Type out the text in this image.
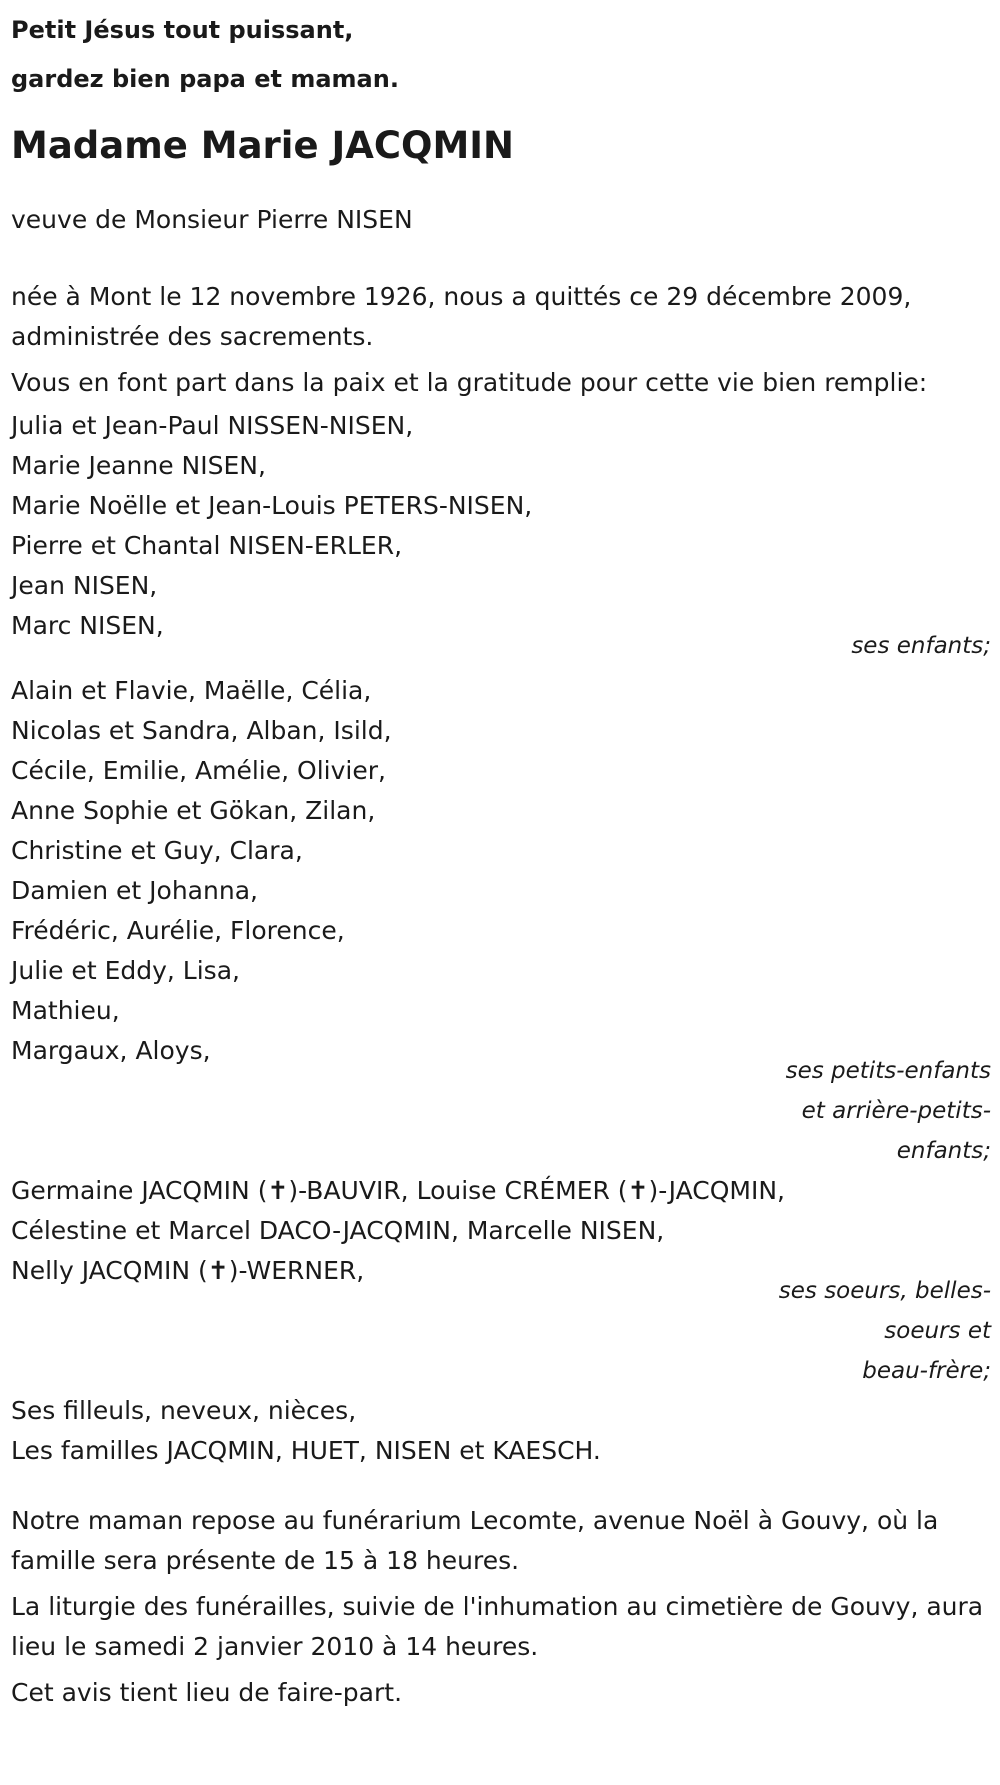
Petit Jésus tout puissant,

gardez bien papa et maman.

Madame Marie JACQMIN

veuve de Monsieur Pierre NISEN

née à Mont le 12 novembre 1926, nous a quittés ce 29 décembre 2009, administrée des sacrements.

Vous en font part dans la paix et la gratitude pour cette vie bien remplie:

Julia et Jean-Paul NISSEN-NISEN,
Marie Jeanne NISEN,
Marie Noëlle et Jean-Louis PETERS-NISEN,
Pierre et Chantal NISEN-ERLER,
Jean NISEN,
Marc NISEN,

ses enfants;

Alain et Flavie, Maëlle, Célia,
Nicolas et Sandra, Alban, Isild,
Cécile, Emilie, Amélie, Olivier,
Anne Sophie et Gökan, Zilan,
Christine et Guy, Clara,
Damien et Johanna,
Frédéric, Aurélie, Florence,
Julie et Eddy, Lisa,
Mathieu,
Margaux, Aloys,
ses petits-enfants
et arrière-petits-
enfants;
Germaine JACQMIN (✝)-BAUVIR, Louise CRÉMER (✝)-JACQMIN,
Célestine et Marcel DACO-JACQMIN, Marcelle NISEN,
Nelly JACQMIN (✝)-WERNER,
ses soeurs, belles-
soeurs et
beau-frère;
Ses filleuls, neveux, nièces,
Les familles JACQMIN, HUET, NISEN et KAESCH.

Notre maman repose au funérarium Lecomte, avenue Noël à Gouvy, où la famille sera présente de 15 à 18 heures.

La liturgie des funérailles, suivie de l'inhumation au cimetière de Gouvy, aura lieu le samedi 2 janvier 2010 à 14 heures.

Cet avis tient lieu de faire-part.
